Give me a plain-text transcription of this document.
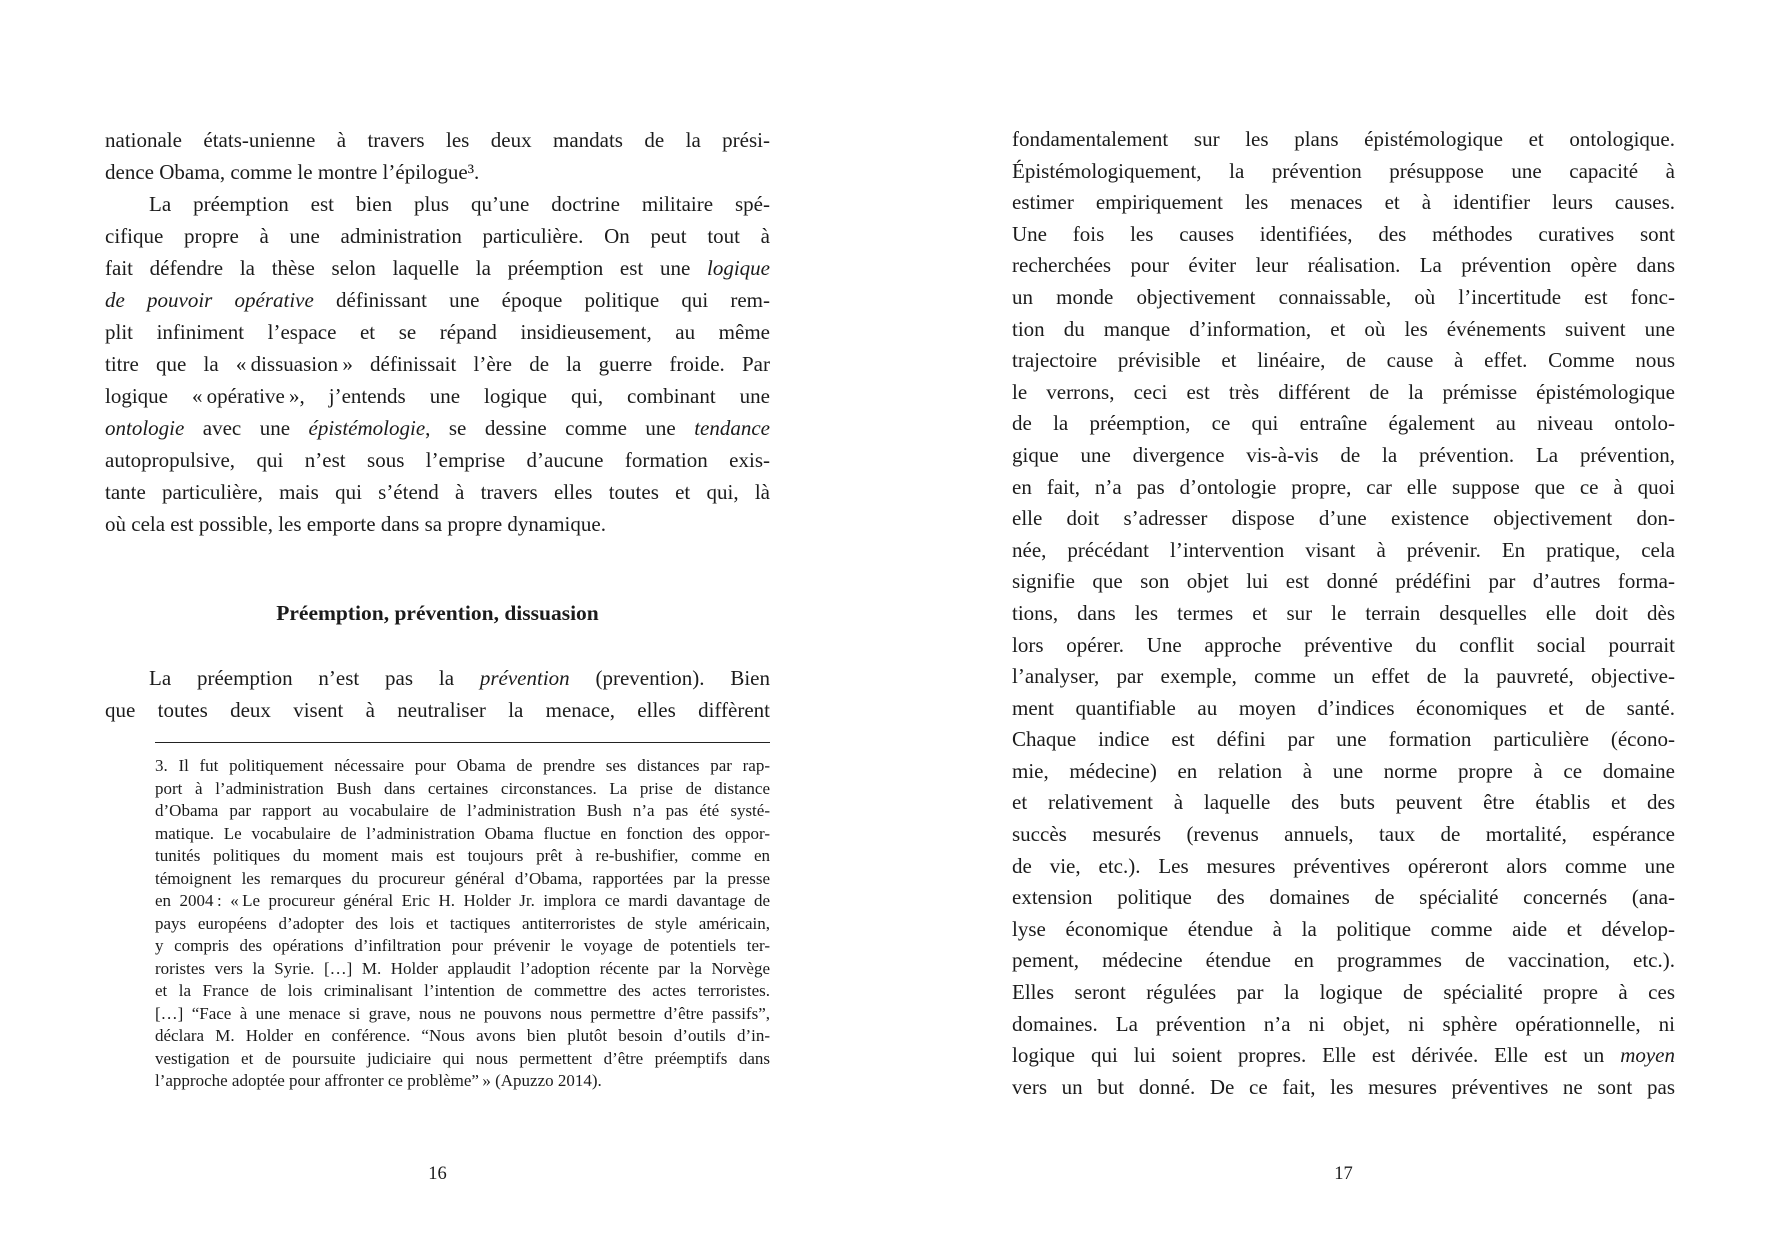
nationale états-unienne à travers les deux mandats de la prési-
dence Obama, comme le montre l’épilogue³.
La préemption est bien plus qu’une doctrine militaire spé-
cifique propre à une administration particulière. On peut tout à
fait défendre la thèse selon laquelle la préemption est une logique
de pouvoir opérative définissant une époque politique qui rem-
plit infiniment l’espace et se répand insidieusement, au même
titre que la « dissuasion » définissait l’ère de la guerre froide. Par
logique « opérative », j’entends une logique qui, combinant une
ontologie avec une épistémologie, se dessine comme une tendance
autopropulsive, qui n’est sous l’emprise d’aucune formation exis-
tante particulière, mais qui s’étend à travers elles toutes et qui, là
où cela est possible, les emporte dans sa propre dynamique.
Préemption, prévention, dissuasion
La préemption n’est pas la prévention (prevention). Bien
que toutes deux visent à neutraliser la menace, elles diffèrent
3. Il fut politiquement nécessaire pour Obama de prendre ses distances par rap-
port à l’administration Bush dans certaines circonstances. La prise de distance
d’Obama par rapport au vocabulaire de l’administration Bush n’a pas été systé-
matique. Le vocabulaire de l’administration Obama fluctue en fonction des oppor-
tunités politiques du moment mais est toujours prêt à re-bushifier, comme en
témoignent les remarques du procureur général d’Obama, rapportées par la presse
en 2004 : « Le procureur général Eric H. Holder Jr. implora ce mardi davantage de
pays européens d’adopter des lois et tactiques antiterroristes de style américain,
y compris des opérations d’infiltration pour prévenir le voyage de potentiels ter-
roristes vers la Syrie. […] M. Holder applaudit l’adoption récente par la Norvège
et la France de lois criminalisant l’intention de commettre des actes terroristes.
[…] “Face à une menace si grave, nous ne pouvons nous permettre d’être passifs”,
déclara M. Holder en conférence. “Nous avons bien plutôt besoin d’outils d’in-
vestigation et de poursuite judiciaire qui nous permettent d’être préemptifs dans
l’approche adoptée pour affronter ce problème” » (Apuzzo 2014).
fondamentalement sur les plans épistémologique et ontologique.
Épistémologiquement, la prévention présuppose une capacité à
estimer empiriquement les menaces et à identifier leurs causes.
Une fois les causes identifiées, des méthodes curatives sont
recherchées pour éviter leur réalisation. La prévention opère dans
un monde objectivement connaissable, où l’incertitude est fonc-
tion du manque d’information, et où les événements suivent une
trajectoire prévisible et linéaire, de cause à effet. Comme nous
le verrons, ceci est très différent de la prémisse épistémologique
de la préemption, ce qui entraîne également au niveau ontolo-
gique une divergence vis-à-vis de la prévention. La prévention,
en fait, n’a pas d’ontologie propre, car elle suppose que ce à quoi
elle doit s’adresser dispose d’une existence objectivement don-
née, précédant l’intervention visant à prévenir. En pratique, cela
signifie que son objet lui est donné prédéfini par d’autres forma-
tions, dans les termes et sur le terrain desquelles elle doit dès
lors opérer. Une approche préventive du conflit social pourrait
l’analyser, par exemple, comme un effet de la pauvreté, objective-
ment quantifiable au moyen d’indices économiques et de santé.
Chaque indice est défini par une formation particulière (écono-
mie, médecine) en relation à une norme propre à ce domaine
et relativement à laquelle des buts peuvent être établis et des
succès mesurés (revenus annuels, taux de mortalité, espérance
de vie, etc.). Les mesures préventives opéreront alors comme une
extension politique des domaines de spécialité concernés (ana-
lyse économique étendue à la politique comme aide et dévelop-
pement, médecine étendue en programmes de vaccination, etc.).
Elles seront régulées par la logique de spécialité propre à ces
domaines. La prévention n’a ni objet, ni sphère opérationnelle, ni
logique qui lui soient propres. Elle est dérivée. Elle est un moyen
vers un but donné. De ce fait, les mesures préventives ne sont pas
16	17
